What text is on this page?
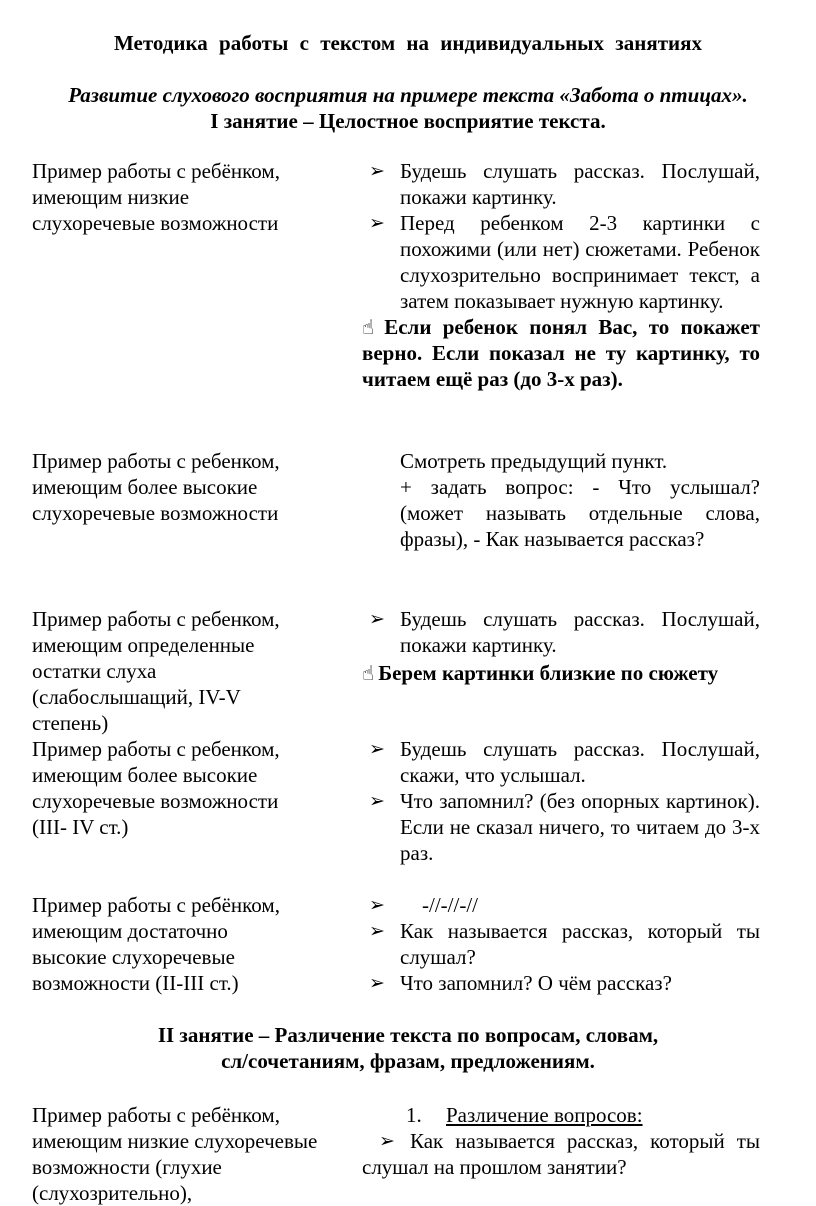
Методика работы с текстом на индивидуальных занятиях
Развитие слухового восприятия на примере текста «Забота о птицах».
I занятие – Целостное восприятие текста.
Пример работы с ребёнком,
имеющим низкие
слухоречевые возможности
➢ Будешь слушать рассказ. Послушай, покажи картинку.
➢ Перед ребенком 2-3 картинки с похожими (или нет) сюжетами. Ребенок слухозрительно воспринимает текст, а затем показывает нужную картинку.
☝ Если ребенок понял Вас, то покажет верно. Если показал не ту картинку, то читаем ещё раз (до 3-х раз).
Пример работы с ребенком,
имеющим более высокие
слухоречевые возможности
Смотреть предыдущий пункт.
+ задать вопрос: - Что услышал? (может называть отдельные слова, фразы), - Как называется рассказ?
Пример работы с ребенком,
имеющим определенные
остатки слуха
(слабослышащий, IV-V
степень)
➢ Будешь слушать рассказ. Послушай, покажи картинку.
☝ Берем картинки близкие по сюжету
Пример работы с ребенком,
имеющим более высокие
слухоречевые возможности
(III- IV ст.)
➢ Будешь слушать рассказ. Послушай, скажи, что услышал.
➢ Что запомнил? (без опорных картинок). Если не сказал ничего, то читаем до 3-х раз.
Пример работы с ребёнком,
имеющим достаточно
высокие слухоречевые
возможности (II-III ст.)
➢ -//-//-//
➢ Как называется рассказ, который ты слушал?
➢ Что запомнил? О чём рассказ?
II занятие – Различение текста по вопросам, словам,
сл/сочетаниям, фразам, предложениям.
Пример работы с ребёнком,
имеющим низкие слухоречевые
возможности (глухие
(слухозрительно),
1. Различение вопросов:
➢ Как называется рассказ, который ты слушал на прошлом занятии?
